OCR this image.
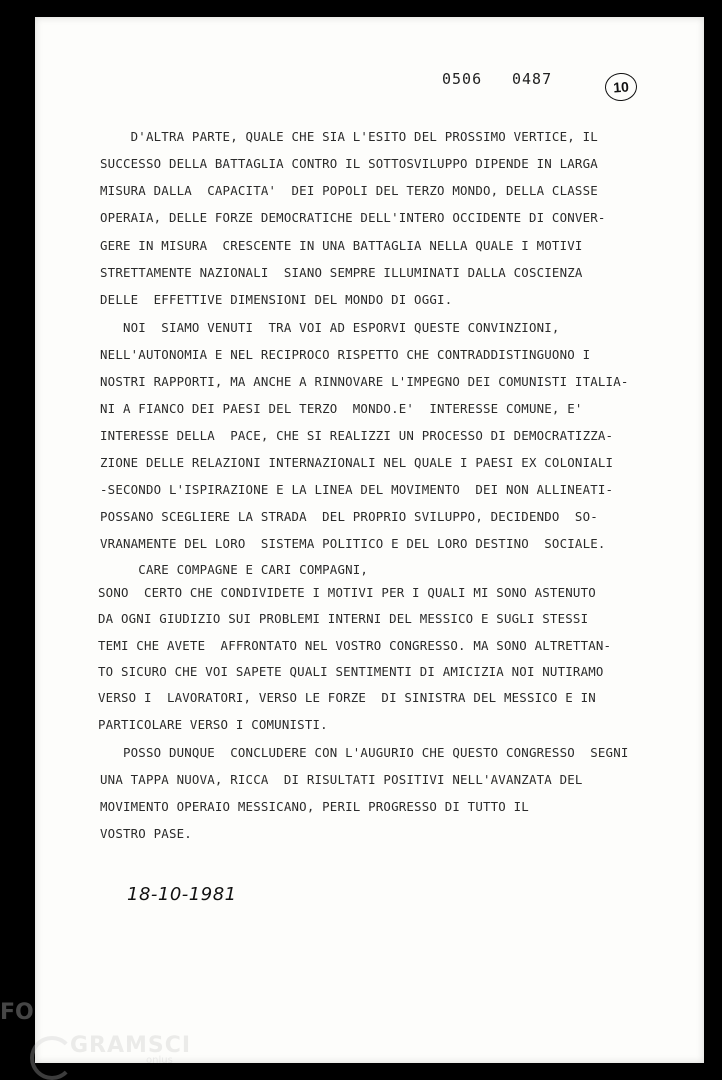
0506 0487	10
D'ALTRA PARTE, QUALE CHE SIA L'ESITO DEL PROSSIMO VERTICE, IL
SUCCESSO DELLA BATTAGLIA CONTRO IL SOTTOSVILUPPO DIPENDE IN LARGA
MISURA DALLA  CAPACITA'  DEI POPOLI DEL TERZO MONDO, DELLA CLASSE
OPERAIA, DELLE FORZE DEMOCRATICHE DELL'INTERO OCCIDENTE DI CONVER-
GERE IN MISURA  CRESCENTE IN UNA BATTAGLIA NELLA QUALE I MOTIVI
STRETTAMENTE NAZIONALI  SIANO SEMPRE ILLUMINATI DALLA COSCIENZA
DELLE  EFFETTIVE DIMENSIONI DEL MONDO DI OGGI.
NOI  SIAMO VENUTI  TRA VOI AD ESPORVI QUESTE CONVINZIONI,
NELL'AUTONOMIA E NEL RECIPROCO RISPETTO CHE CONTRADDISTINGUONO I
NOSTRI RAPPORTI, MA ANCHE A RINNOVARE L'IMPEGNO DEI COMUNISTI ITALIA-
NI A FIANCO DEI PAESI DEL TERZO  MONDO.E'  INTERESSE COMUNE, E'
INTERESSE DELLA  PACE, CHE SI REALIZZI UN PROCESSO DI DEMOCRATIZZA-
ZIONE DELLE RELAZIONI INTERNAZIONALI NEL QUALE I PAESI EX COLONIALI
-SECONDO L'ISPIRAZIONE E LA LINEA DEL MOVIMENTO  DEI NON ALLINEATI-
POSSANO SCEGLIERE LA STRADA  DEL PROPRIO SVILUPPO, DECIDENDO  SO-
VRANAMENTE DEL LORO  SISTEMA POLITICO E DEL LORO DESTINO  SOCIALE.
CARE COMPAGNE E CARI COMPAGNI,
SONO  CERTO CHE CONDIVIDETE I MOTIVI PER I QUALI MI SONO ASTENUTO
DA OGNI GIUDIZIO SUI PROBLEMI INTERNI DEL MESSICO E SUGLI STESSI
TEMI CHE AVETE  AFFRONTATO NEL VOSTRO CONGRESSO. MA SONO ALTRETTAN-
TO SICURO CHE VOI SAPETE QUALI SENTIMENTI DI AMICIZIA NOI NUTIRAMO
VERSO I  LAVORATORI, VERSO LE FORZE  DI SINISTRA DEL MESSICO E IN
PARTICOLARE VERSO I COMUNISTI.
POSSO DUNQUE  CONCLUDERE CON L'AUGURIO CHE QUESTO CONGRESSO  SEGNI
UNA TAPPA NUOVA, RICCA  DI RISULTATI POSITIVI NELL'AVANZATA DEL
MOVIMENTO OPERAIO MESSICANO, PERIL PROGRESSO DI TUTTO IL
VOSTRO PASE.
18-10-1981
FO
GRAMSCI
onlus
